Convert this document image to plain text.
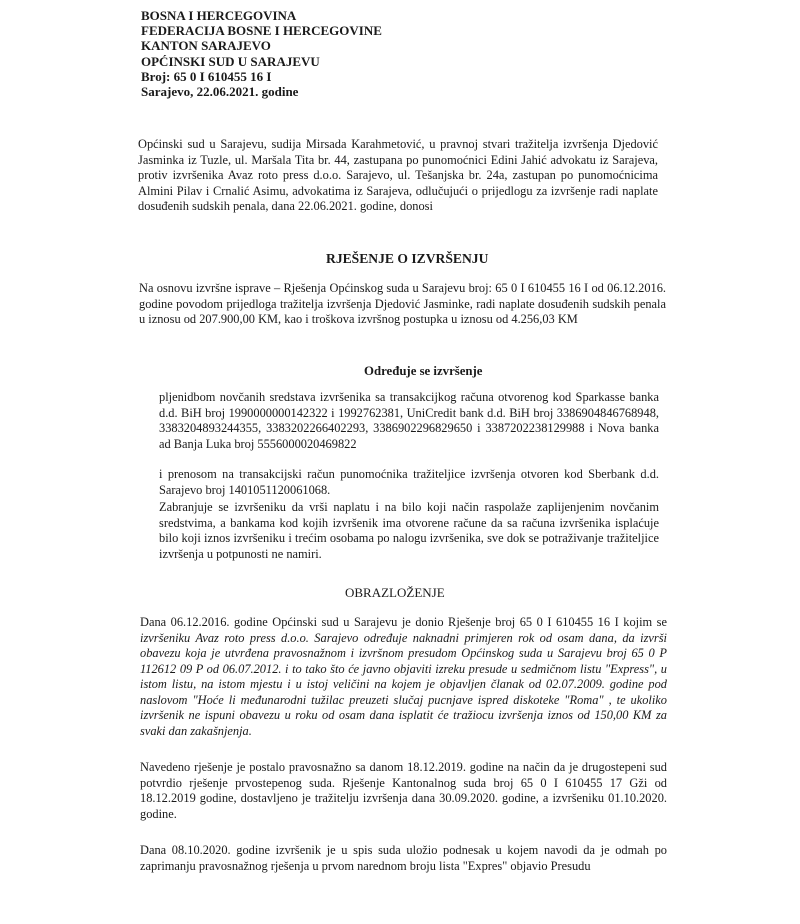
BOSNA I HERCEGOVINA
FEDERACIJA BOSNE I HERCEGOVINE
KANTON SARAJEVO
OPĆINSKI SUD U SARAJEVU
Broj: 65 0 I 610455 16 I
Sarajevo, 22.06.2021. godine

Općinski sud u Sarajevu, sudija Mirsada Karahmetović, u pravnoj stvari tražitelja izvršenja Djedović Jasminka iz Tuzle, ul. Maršala Tita br. 44, zastupana po punomoćnici Edini Jahić advokatu iz Sarajeva, protiv izvršenika Avaz roto press d.o.o. Sarajevo, ul. Tešanjska br. 24a, zastupan po punomoćnicima Almini Pilav i Crnalić Asimu, advokatima iz Sarajeva, odlučujući o prijedlogu za izvršenje radi naplate dosuđenih sudskih penala, dana 22.06.2021. godine, donosi

RJEŠENJE O IZVRŠENJU

Na osnovu izvršne isprave – Rješenja Općinskog suda u Sarajevu broj: 65 0 I 610455 16 I od 06.12.2016. godine povodom prijedloga tražitelja izvršenja Djedović Jasminke, radi naplate dosuđenih sudskih penala u iznosu od 207.900,00 KM, kao i troškova izvršnog postupka u iznosu od 4.256,03 KM

Određuje se izvršenje

pljenidbom novčanih sredstava izvršenika sa transakcijkog računa otvorenog kod Sparkasse banka d.d. BiH broj 1990000000142322 i 1992762381, UniCredit bank d.d. BiH broj 3386904846768948, 3383204893244355, 3383202266402293, 3386902296829650 i 3387202238129988 i Nova banka ad Banja Luka broj 5556000020469822

i prenosom na transakcijski račun punomoćnika tražiteljice izvršenja otvoren kod Sberbank d.d. Sarajevo broj 1401051120061068.

Zabranjuje se izvršeniku da vrši naplatu i na bilo koji način raspolaže zaplijenjenim novčanim sredstvima, a bankama kod kojih izvršenik ima otvorene račune da sa računa izvršenika isplaćuje bilo koji iznos izvršeniku i trećim osobama po nalogu izvršenika, sve dok se potraživanje tražiteljice izvršenja u potpunosti ne namiri.

OBRAZLOŽENJE

Dana 06.12.2016. godine Općinski sud u Sarajevu je donio Rješenje broj 65 0 I 610455 16 I kojim se izvršeniku Avaz roto press d.o.o. Sarajevo određuje naknadni primjeren rok od osam dana, da izvrši obavezu koja je utvrđena pravosnažnom i izvršnom presudom Općinskog suda u Sarajevu broj 65 0 P 112612 09 P od 06.07.2012. i to tako što će javno objaviti izreku presude u sedmičnom listu "Express", u istom listu, na istom mjestu i u istoj veličini na kojem je objavljen članak od 02.07.2009. godine pod naslovom "Hoće li međunarodni tužilac preuzeti slučaj pucnjave ispred diskoteke "Roma" , te ukoliko izvršenik ne ispuni obavezu u roku od osam dana isplatit će tražiocu izvršenja iznos od 150,00 KM za svaki dan zakašnjenja.

Navedeno rješenje je postalo pravosnažno sa danom 18.12.2019. godine na način da je drugostepeni sud potvrdio rješenje prvostepenog suda. Rješenje Kantonalnog suda broj 65 0 I 610455 17 Gži od 18.12.2019 godine, dostavljeno je tražitelju izvršenja dana 30.09.2020. godine, a izvršeniku 01.10.2020. godine.

Dana 08.10.2020. godine izvršenik je u spis suda uložio podnesak u kojem navodi da je odmah po zaprimanju pravosnažnog rješenja u prvom narednom broju lista "Expres" objavio Presudu
